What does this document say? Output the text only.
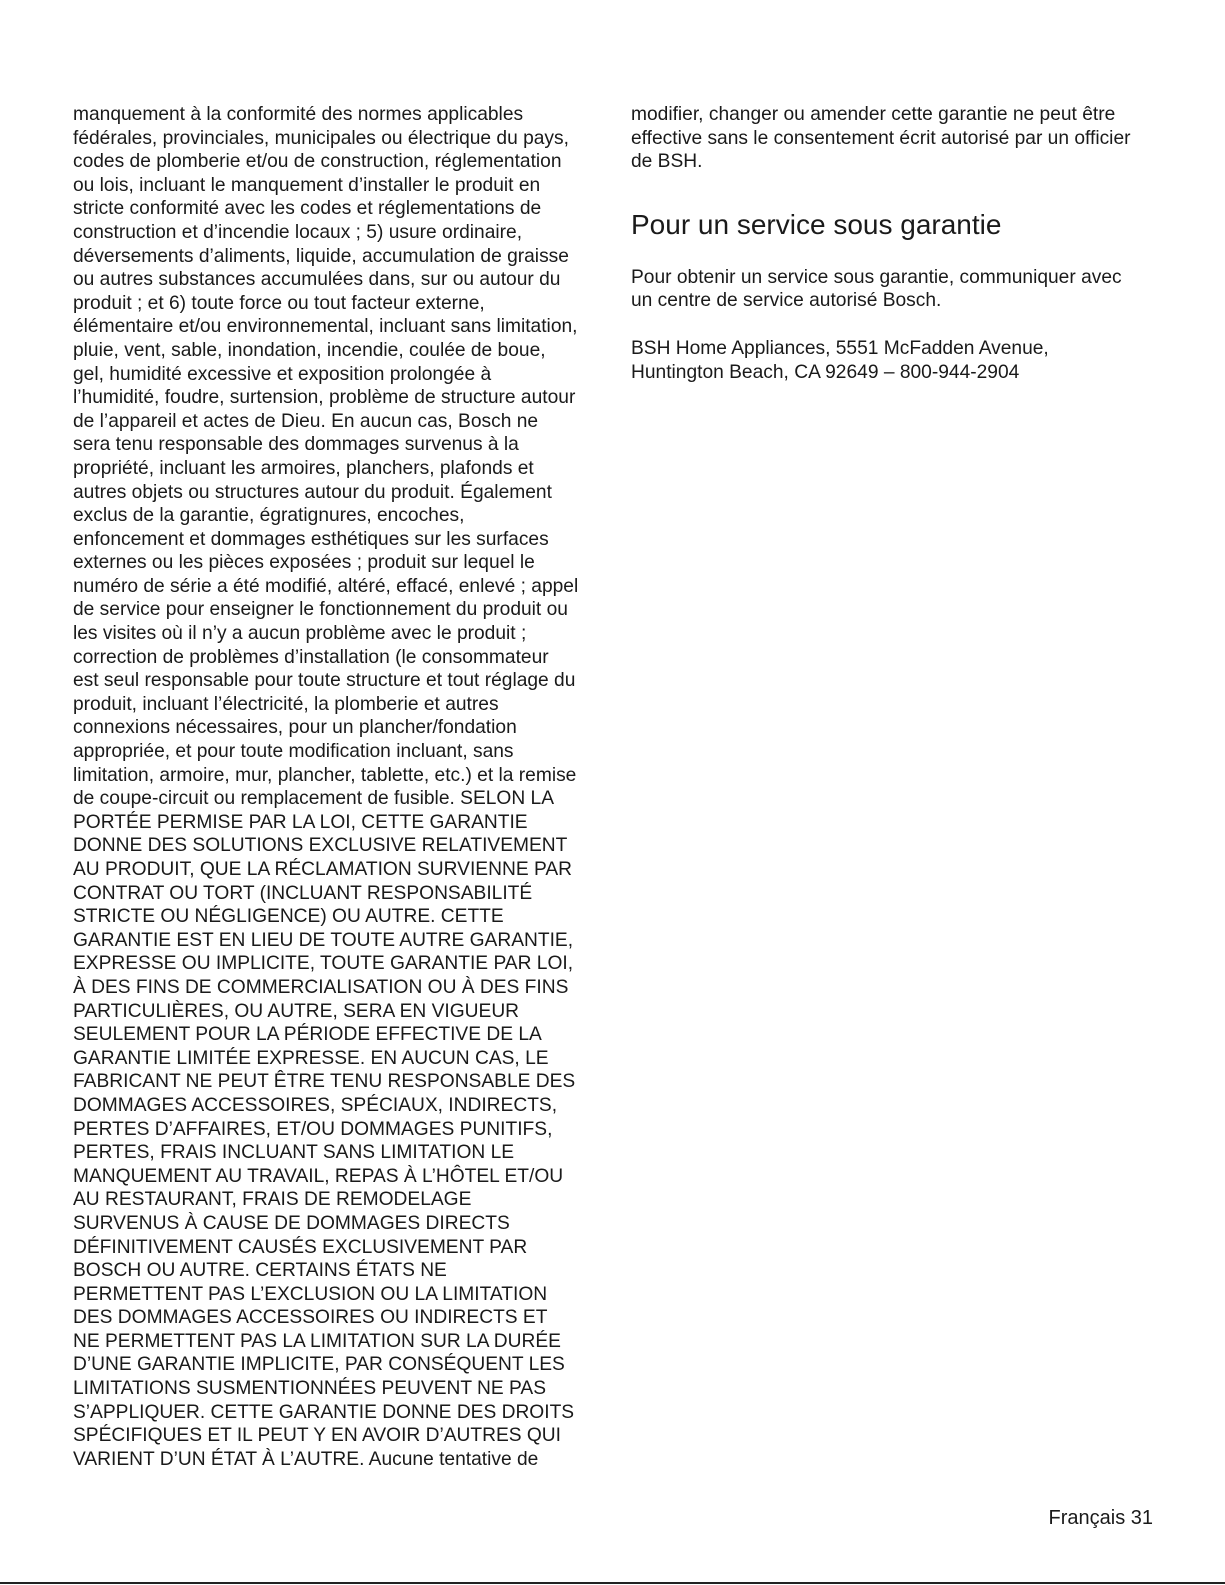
manquement à la conformité des normes applicables
fédérales, provinciales, municipales ou électrique du pays,
codes de plomberie et/ou de construction, réglementation
ou lois, incluant le manquement d’installer le produit en
stricte conformité avec les codes et réglementations de
construction et d’incendie locaux ; 5) usure ordinaire,
déversements d’aliments, liquide, accumulation de graisse
ou autres substances accumulées dans, sur ou autour du
produit ; et 6) toute force ou tout facteur externe,
élémentaire et/ou environnemental, incluant sans limitation,
pluie, vent, sable, inondation, incendie, coulée de boue,
gel, humidité excessive et exposition prolongée à
l’humidité, foudre, surtension, problème de structure autour
de l’appareil et actes de Dieu. En aucun cas, Bosch ne
sera tenu responsable des dommages survenus à la
propriété, incluant les armoires, planchers, plafonds et
autres objets ou structures autour du produit. Également
exclus de la garantie, égratignures, encoches,
enfoncement et dommages esthétiques sur les surfaces
externes ou les pièces exposées ; produit sur lequel le
numéro de série a été modifié, altéré, effacé, enlevé ; appel
de service pour enseigner le fonctionnement du produit ou
les visites où il n’y a aucun problème avec le produit ;
correction de problèmes d’installation (le consommateur
est seul responsable pour toute structure et tout réglage du
produit, incluant l’électricité, la plomberie et autres
connexions nécessaires, pour un plancher/fondation
appropriée, et pour toute modification incluant, sans
limitation, armoire, mur, plancher, tablette, etc.) et la remise
de coupe-circuit ou remplacement de fusible. SELON LA
PORTÉE PERMISE PAR LA LOI, CETTE GARANTIE
DONNE DES SOLUTIONS EXCLUSIVE RELATIVEMENT
AU PRODUIT, QUE LA RÉCLAMATION SURVIENNE PAR
CONTRAT OU TORT (INCLUANT RESPONSABILITÉ
STRICTE OU NÉGLIGENCE) OU AUTRE. CETTE
GARANTIE EST EN LIEU DE TOUTE AUTRE GARANTIE,
EXPRESSE OU IMPLICITE, TOUTE GARANTIE PAR LOI,
À DES FINS DE COMMERCIALISATION OU À DES FINS
PARTICULIÈRES, OU AUTRE, SERA EN VIGUEUR
SEULEMENT POUR LA PÉRIODE EFFECTIVE DE LA
GARANTIE LIMITÉE EXPRESSE. EN AUCUN CAS, LE
FABRICANT NE PEUT ÊTRE TENU RESPONSABLE DES
DOMMAGES ACCESSOIRES, SPÉCIAUX, INDIRECTS,
PERTES D’AFFAIRES, ET/OU DOMMAGES PUNITIFS,
PERTES, FRAIS INCLUANT SANS LIMITATION LE
MANQUEMENT AU TRAVAIL, REPAS À L’HÔTEL ET/OU
AU RESTAURANT, FRAIS DE REMODELAGE
SURVENUS À CAUSE DE DOMMAGES DIRECTS
DÉFINITIVEMENT CAUSÉS EXCLUSIVEMENT PAR
BOSCH OU AUTRE. CERTAINS ÉTATS NE
PERMETTENT PAS L’EXCLUSION OU LA LIMITATION
DES DOMMAGES ACCESSOIRES OU INDIRECTS ET
NE PERMETTENT PAS LA LIMITATION SUR LA DURÉE
D’UNE GARANTIE IMPLICITE, PAR CONSÉQUENT LES
LIMITATIONS SUSMENTIONNÉES PEUVENT NE PAS
S’APPLIQUER. CETTE GARANTIE DONNE DES DROITS
SPÉCIFIQUES ET IL PEUT Y EN AVOIR D’AUTRES QUI
VARIENT D’UN ÉTAT À L’AUTRE. Aucune tentative de
modifier, changer ou amender cette garantie ne peut être
effective sans le consentement écrit autorisé par un officier
de BSH.
Pour un service sous garantie
Pour obtenir un service sous garantie, communiquer avec
un centre de service autorisé Bosch.
BSH Home Appliances, 5551 McFadden Avenue,
Huntington Beach, CA 92649 – 800-944-2904
Français 31
